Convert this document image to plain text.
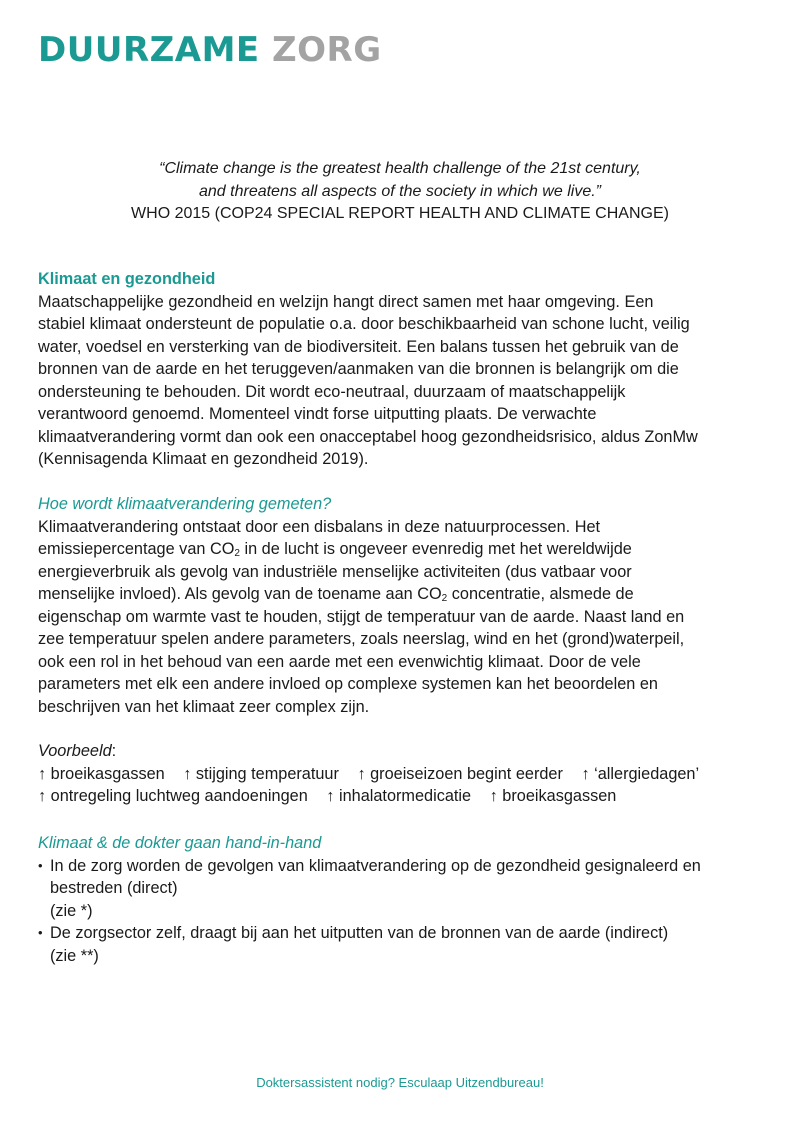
DUURZAME ZORG
“Climate change is the greatest health challenge of the 21st century,
and threatens all aspects of the society in which we live.”
WHO 2015 (COP24 SPECIAL REPORT HEALTH AND CLIMATE CHANGE)
Klimaat en gezondheid
Maatschappelijke gezondheid en welzijn hangt direct samen met haar omgeving. Een
stabiel klimaat ondersteunt de populatie o.a. door beschikbaarheid van schone lucht, veilig
water, voedsel en versterking van de biodiversiteit. Een balans tussen het gebruik van de
bronnen van de aarde en het teruggeven/aanmaken van die bronnen is belangrijk om die
ondersteuning te behouden. Dit wordt eco-neutraal, duurzaam of maatschappelijk
verantwoord genoemd. Momenteel vindt forse uitputting plaats. De verwachte
klimaatverandering vormt dan ook een onacceptabel hoog gezondheidsrisico, aldus ZonMw
(Kennisagenda Klimaat en gezondheid 2019).
Hoe wordt klimaatverandering gemeten?
Klimaatverandering ontstaat door een disbalans in deze natuurprocessen. Het
emissiepercentage van $CO_2$ in de lucht is ongeveer evenredig met het wereldwijde
energieverbruik als gevolg van industriële menselijke activiteiten (dus vatbaar voor
menselijke invloed). Als gevolg van de toename aan $CO_2$ concentratie, alsmede de
eigenschap om warmte vast te houden, stijgt de temperatuur van de aarde. Naast land en
zee temperatuur spelen andere parameters, zoals neerslag, wind en het (grond)waterpeil,
ook een rol in het behoud van een aarde met een evenwichtig klimaat. Door de vele
parameters met elk een andere invloed op complexe systemen kan het beoordelen en
beschrijven van het klimaat zeer complex zijn.
Voorbeeld:
↑ broeikasgassen ↑ stijging temperatuur ↑ groeiseizoen begint eerder ↑ ‘allergiedagen’
↑ ontregeling luchtweg aandoeningen ↑ inhalatormedicatie ↑ broeikasgassen
Klimaat & de dokter gaan hand-in-hand
• In de zorg worden de gevolgen van klimaatverandering op de gezondheid gesignaleerd en
bestreden (direct)
(zie *)
• De zorgsector zelf, draagt bij aan het uitputten van de bronnen van de aarde (indirect)
(zie **)
Doktersassistent nodig? Esculaap Uitzendbureau!
